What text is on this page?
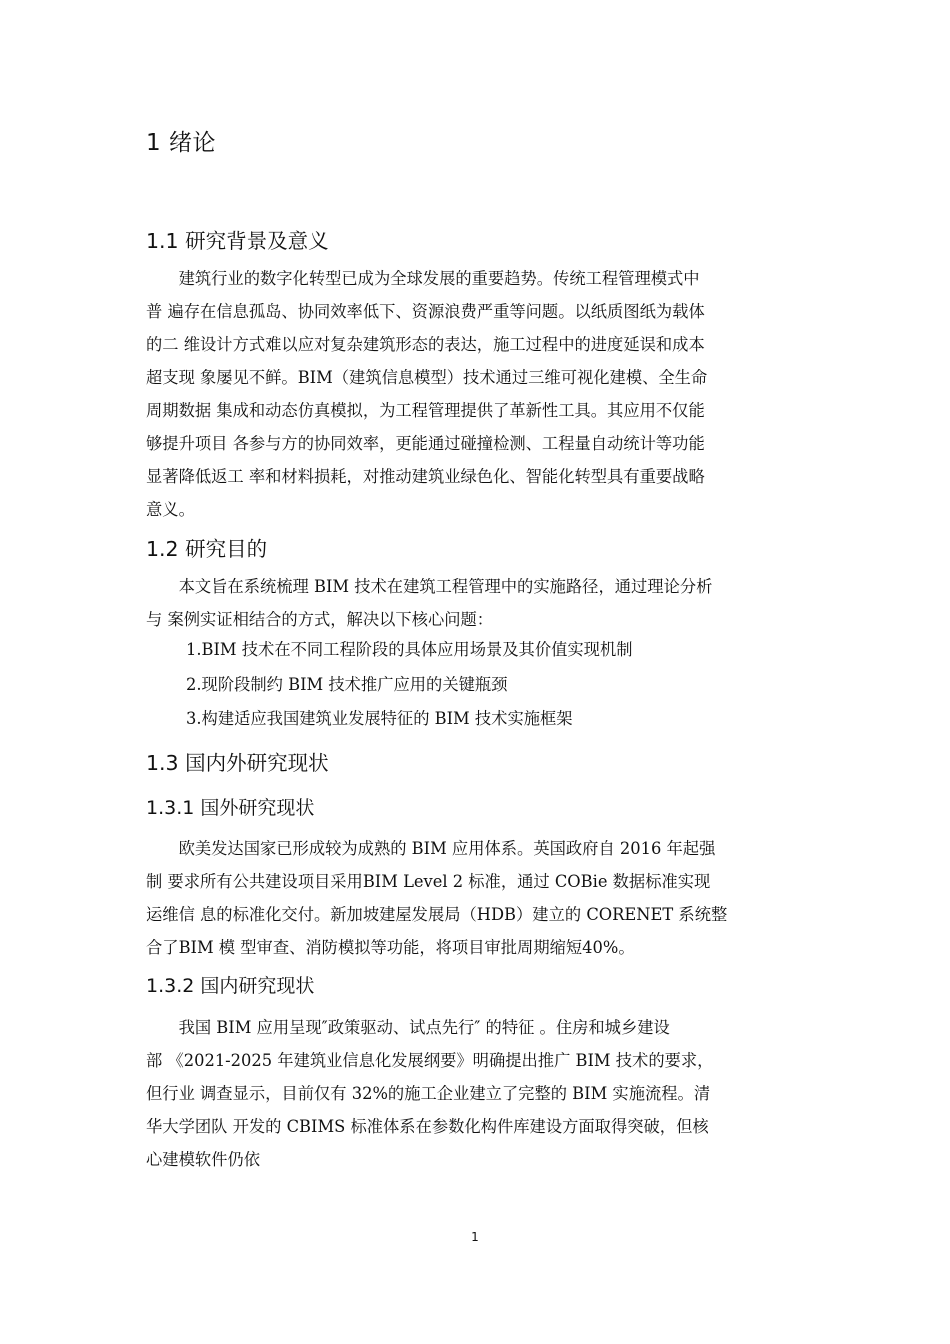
1 绪论
1.1 研究背景及意义
　　建筑行业的数字化转型已成为全球发展的重要趋势。传统工程管理模式中
普 遍存在信息孤岛、协同效率低下、资源浪费严重等问题。以纸质图纸为载体
的二 维设计方式难以应对复杂建筑形态的表达，施工过程中的进度延误和成本
超支现 象屡见不鲜。BIM（建筑信息模型）技术通过三维可视化建模、全生命
周期数据 集成和动态仿真模拟，为工程管理提供了革新性工具。其应用不仅能
够提升项目 各参与方的协同效率，更能通过碰撞检测、工程量自动统计等功能
显著降低返工 率和材料损耗，对推动建筑业绿色化、智能化转型具有重要战略
意义。
1.2 研究目的
　　本文旨在系统梳理 BIM 技术在建筑工程管理中的实施路径，通过理论分析
与 案例实证相结合的方式，解决以下核心问题：
1.BIM 技术在不同工程阶段的具体应用场景及其价值实现机制
2.现阶段制约 BIM 技术推广应用的关键瓶颈
3.构建适应我国建筑业发展特征的 BIM 技术实施框架
1.3 国内外研究现状
1.3.1 国外研究现状
　　欧美发达国家已形成较为成熟的 BIM 应用体系。英国政府自 2016 年起强
制 要求所有公共建设项目采用BIM Level 2 标准，通过 COBie 数据标准实现
运维信 息的标准化交付。新加坡建屋发展局（HDB）建立的 CORENET 系统整
合了BIM 模 型审查、消防模拟等功能，将项目审批周期缩短40%。
1.3.2 国内研究现状
　　我国 BIM 应用呈现″政策驱动、试点先行″ 的特征 。住房和城乡建设
部 《2021-2025 年建筑业信息化发展纲要》明确提出推广 BIM 技术的要求，
但行业 调查显示，目前仅有 32%的施工企业建立了完整的 BIM 实施流程。清
华大学团队 开发的 CBIMS 标准体系在参数化构件库建设方面取得突破，但核
心建模软件仍依
1
